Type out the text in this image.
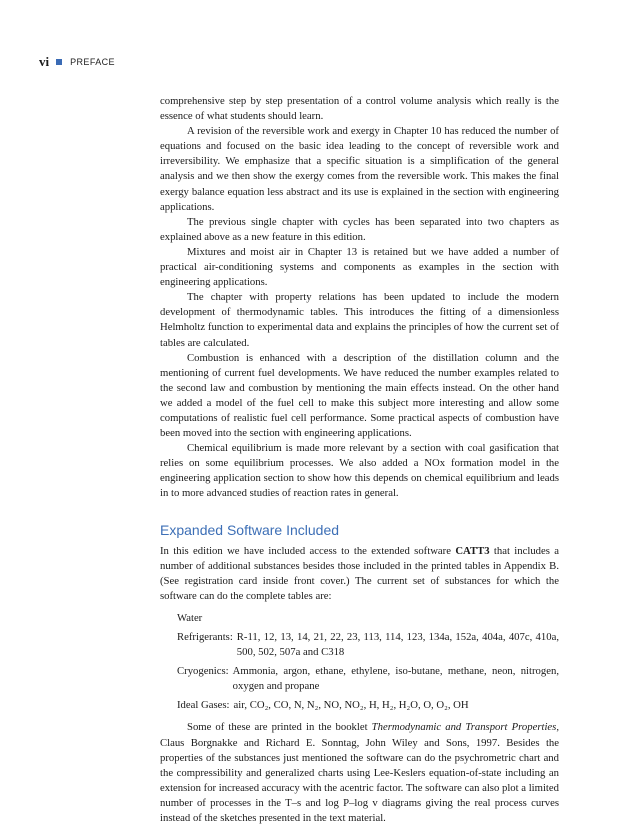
vi PREFACE

comprehensive step by step presentation of a control volume analysis which really is the essence of what students should learn.

A revision of the reversible work and exergy in Chapter 10 has reduced the number of equations and focused on the basic idea leading to the concept of reversible work and irreversibility. We emphasize that a specific situation is a simplification of the general analysis and we then show the exergy comes from the reversible work. This makes the final exergy balance equation less abstract and its use is explained in the section with engineering applications.

The previous single chapter with cycles has been separated into two chapters as explained above as a new feature in this edition.

Mixtures and moist air in Chapter 13 is retained but we have added a number of practical air-conditioning systems and components as examples in the section with engineering applications.

The chapter with property relations has been updated to include the modern development of thermodynamic tables. This introduces the fitting of a dimensionless Helmholtz function to experimental data and explains the principles of how the current set of tables are calculated.

Combustion is enhanced with a description of the distillation column and the mentioning of current fuel developments. We have reduced the number examples related to the second law and combustion by mentioning the main effects instead. On the other hand we added a model of the fuel cell to make this subject more interesting and allow some computations of realistic fuel cell performance. Some practical aspects of combustion have been moved into the section with engineering applications.

Chemical equilibrium is made more relevant by a section with coal gasification that relies on some equilibrium processes. We also added a NOx formation model in the engineering application section to show how this depends on chemical equilibrium and leads in to more advanced studies of reaction rates in general.

Expanded Software Included

In this edition we have included access to the extended software CATT3 that includes a number of additional substances besides those included in the printed tables in Appendix B. (See registration card inside front cover.) The current set of substances for which the software can do the complete tables are:

Water
Refrigerants: R-11, 12, 13, 14, 21, 22, 23, 113, 114, 123, 134a, 152a, 404a, 407c, 410a, 500, 502, 507a and C318
Cryogenics: Ammonia, argon, ethane, ethylene, iso-butane, methane, neon, nitrogen, oxygen and propane
Ideal Gases: air, CO₂, CO, N, N₂, NO, NO₂, H, H₂, H₂O, O, O₂, OH

Some of these are printed in the booklet Thermodynamic and Transport Properties, Claus Borgnakke and Richard E. Sonntag, John Wiley and Sons, 1997. Besides the properties of the substances just mentioned the software can do the psychrometric chart and the compressibility and generalized charts using Lee-Keslers equation-of-state including an extension for increased accuracy with the acentric factor. The software can also plot a limited number of processes in the T–s and log P–log v diagrams giving the real process curves instead of the sketches presented in the text material.
